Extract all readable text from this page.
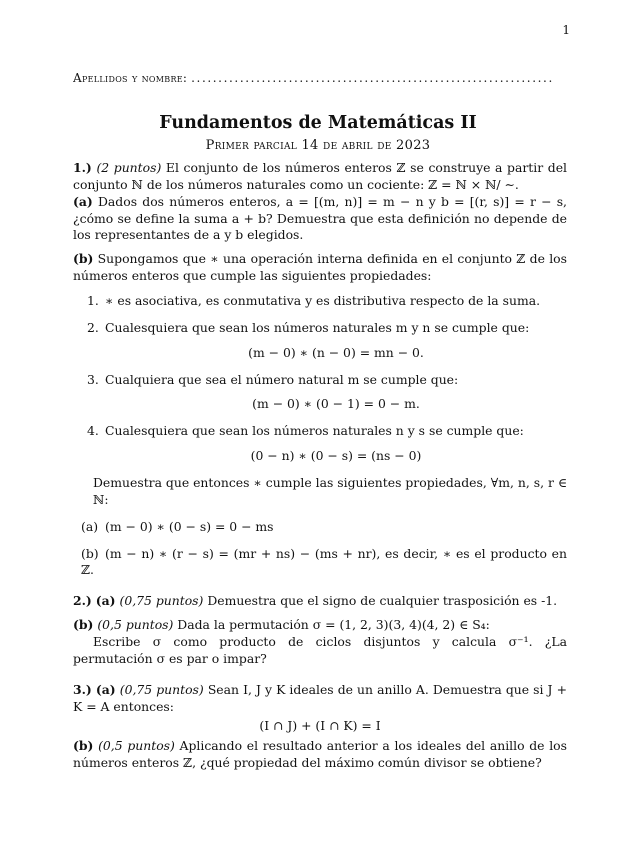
1
Apellidos y nombre: ...................................................................
Fundamentos de Matemáticas II
Primer parcial 14 de abril de 2023

1.) (2 puntos) El conjunto de los números enteros ℤ se construye a partir del conjunto ℕ de los números naturales como un cociente: ℤ = ℕ × ℕ/ ∼.

(a) Dados dos números enteros, a = [(m, n)] = m − n y b = [(r, s)] = r − s, ¿cómo se define la suma a + b? Demuestra que esta definición no depende de los representantes de a y b elegidos.

(b) Supongamos que ∗ una operación interna definida en el conjunto ℤ de los números enteros que cumple las siguientes propiedades:

1. ∗ es asociativa, es conmutativa y es distributiva respecto de la suma.
2. Cualesquiera que sean los números naturales m y n se cumple que:
(m − 0) ∗ (n − 0) = mn − 0.
3. Cualquiera que sea el número natural m se cumple que:
(m − 0) ∗ (0 − 1) = 0 − m.
4. Cualesquiera que sean los números naturales n y s se cumple que:
(0 − n) ∗ (0 − s) = (ns − 0)

Demuestra que entonces ∗ cumple las siguientes propiedades, ∀m, n, s, r ∈ ℕ:

(a) (m − 0) ∗ (0 − s) = 0 − ms

(b) (m − n) ∗ (r − s) = (mr + ns) − (ms + nr), es decir, ∗ es el producto en ℤ.

2.) (a) (0,75 puntos) Demuestra que el signo de cualquier trasposición es -1.

(b) (0,5 puntos) Dada la permutación σ = (1, 2, 3)(3, 4)(4, 2) ∈ S₄:

Escribe σ como producto de ciclos disjuntos y calcula σ⁻¹. ¿La permutación σ es par o impar?

3.) (a) (0,75 puntos) Sean I, J y K ideales de un anillo A. Demuestra que si J + K = A entonces:

(I ∩ J) + (I ∩ K) = I

(b) (0,5 puntos) Aplicando el resultado anterior a los ideales del anillo de los números enteros ℤ, ¿qué propiedad del máximo común divisor se obtiene?
